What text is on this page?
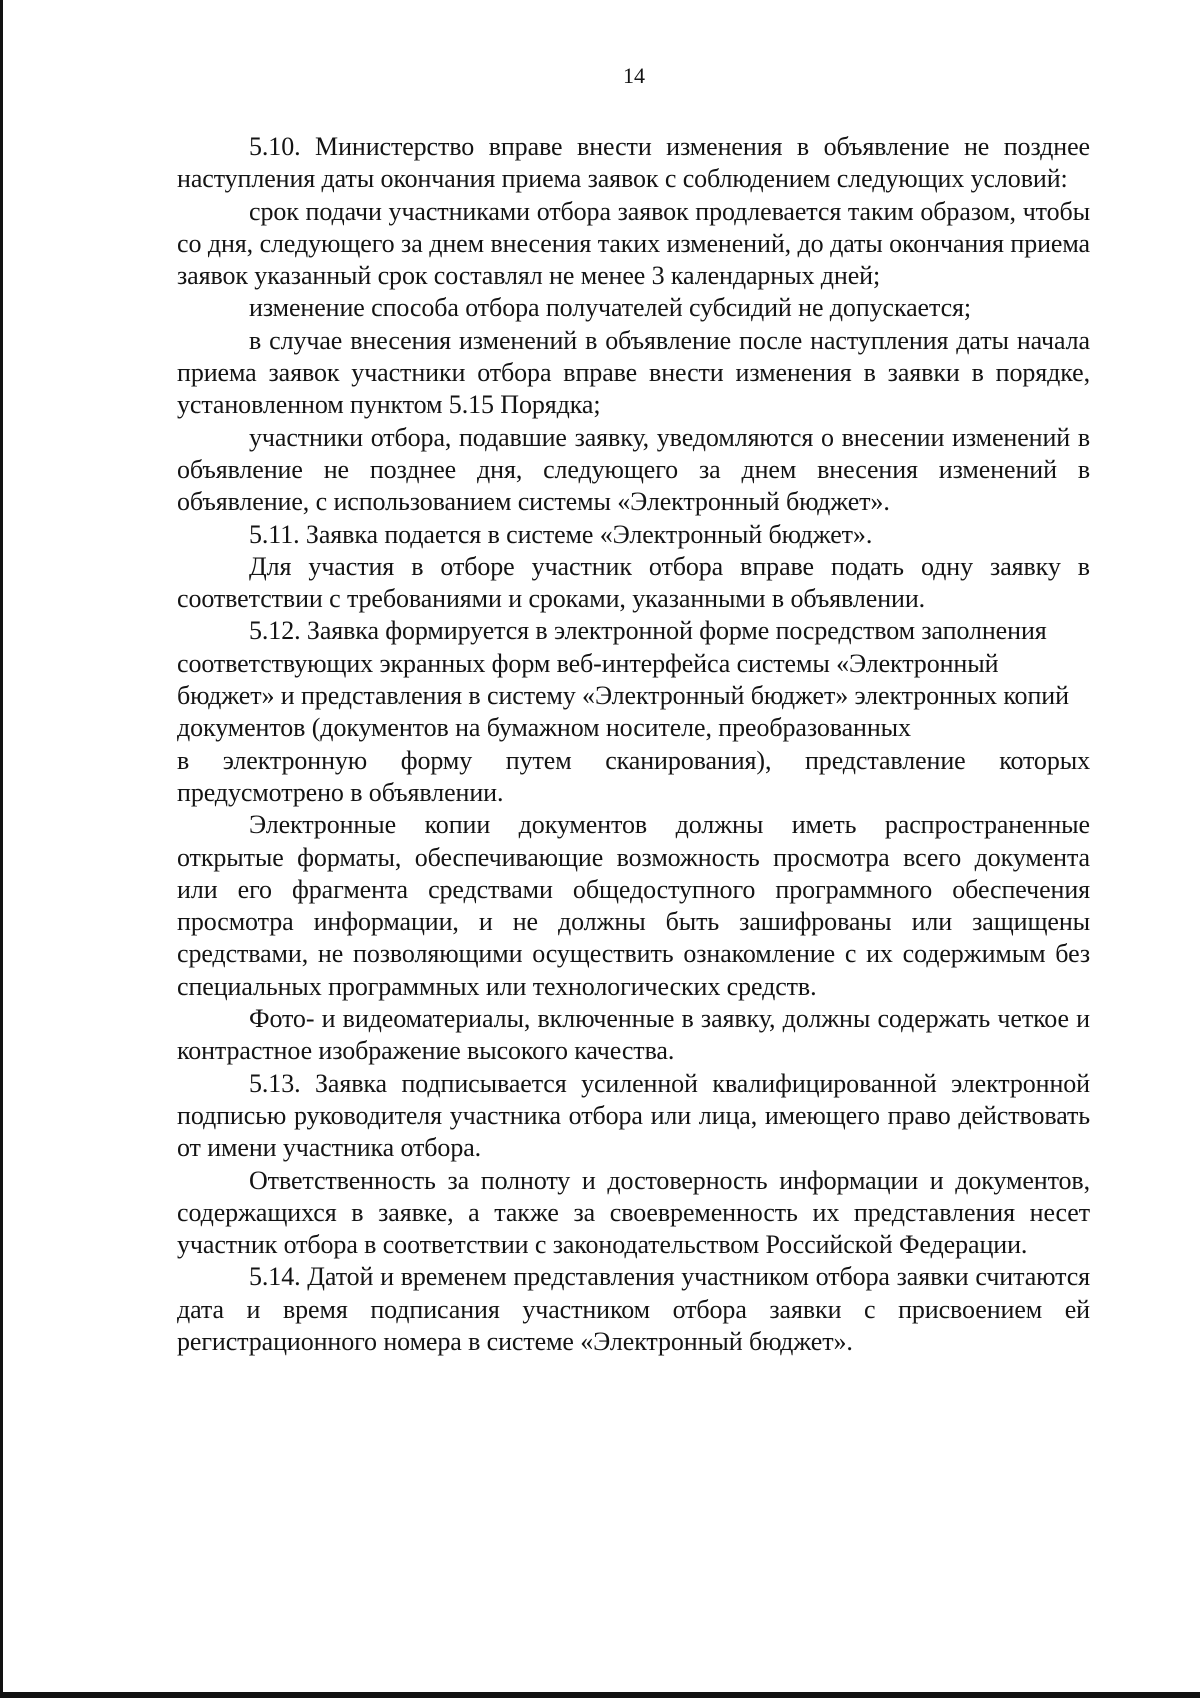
14

5.10. Министерство вправе внести изменения в объявление не позднее наступления даты окончания приема заявок с соблюдением следующих условий:

срок подачи участниками отбора заявок продлевается таким образом, чтобы со дня, следующего за днем внесения таких изменений, до даты окончания приема заявок указанный срок составлял не менее 3 календарных дней;

изменение способа отбора получателей субсидий не допускается;

в случае внесения изменений в объявление после наступления даты начала приема заявок участники отбора вправе внести изменения в заявки в порядке, установленном пунктом 5.15 Порядка;

участники отбора, подавшие заявку, уведомляются о внесении изменений в объявление не позднее дня, следующего за днем внесения изменений в объявление, с использованием системы «Электронный бюджет».

5.11. Заявка подается в системе «Электронный бюджет».

Для участия в отборе участник отбора вправе подать одну заявку в соответствии с требованиями и сроками, указанными в объявлении.

5.12. Заявка формируется в электронной форме посредством заполнения соответствующих экранных форм веб-интерфейса системы «Электронный бюджет» и представления в систему «Электронный бюджет» электронных копий документов (документов на бумажном носителе, преобразованных

в электронную форму путем сканирования), представление которых предусмотрено в объявлении.

Электронные копии документов должны иметь распространенные открытые форматы, обеспечивающие возможность просмотра всего документа или его фрагмента средствами общедоступного программного обеспечения просмотра информации, и не должны быть зашифрованы или защищены средствами, не позволяющими осуществить ознакомление с их содержимым без специальных программных или технологических средств.

Фото- и видеоматериалы, включенные в заявку, должны содержать четкое и контрастное изображение высокого качества.

5.13. Заявка подписывается усиленной квалифицированной электронной подписью руководителя участника отбора или лица, имеющего право действовать от имени участника отбора.

Ответственность за полноту и достоверность информации и документов, содержащихся в заявке, а также за своевременность их представления несет участник отбора в соответствии с законодательством Российской Федерации.

5.14. Датой и временем представления участником отбора заявки считаются дата и время подписания участником отбора заявки с присвоением ей регистрационного номера в системе «Электронный бюджет».
